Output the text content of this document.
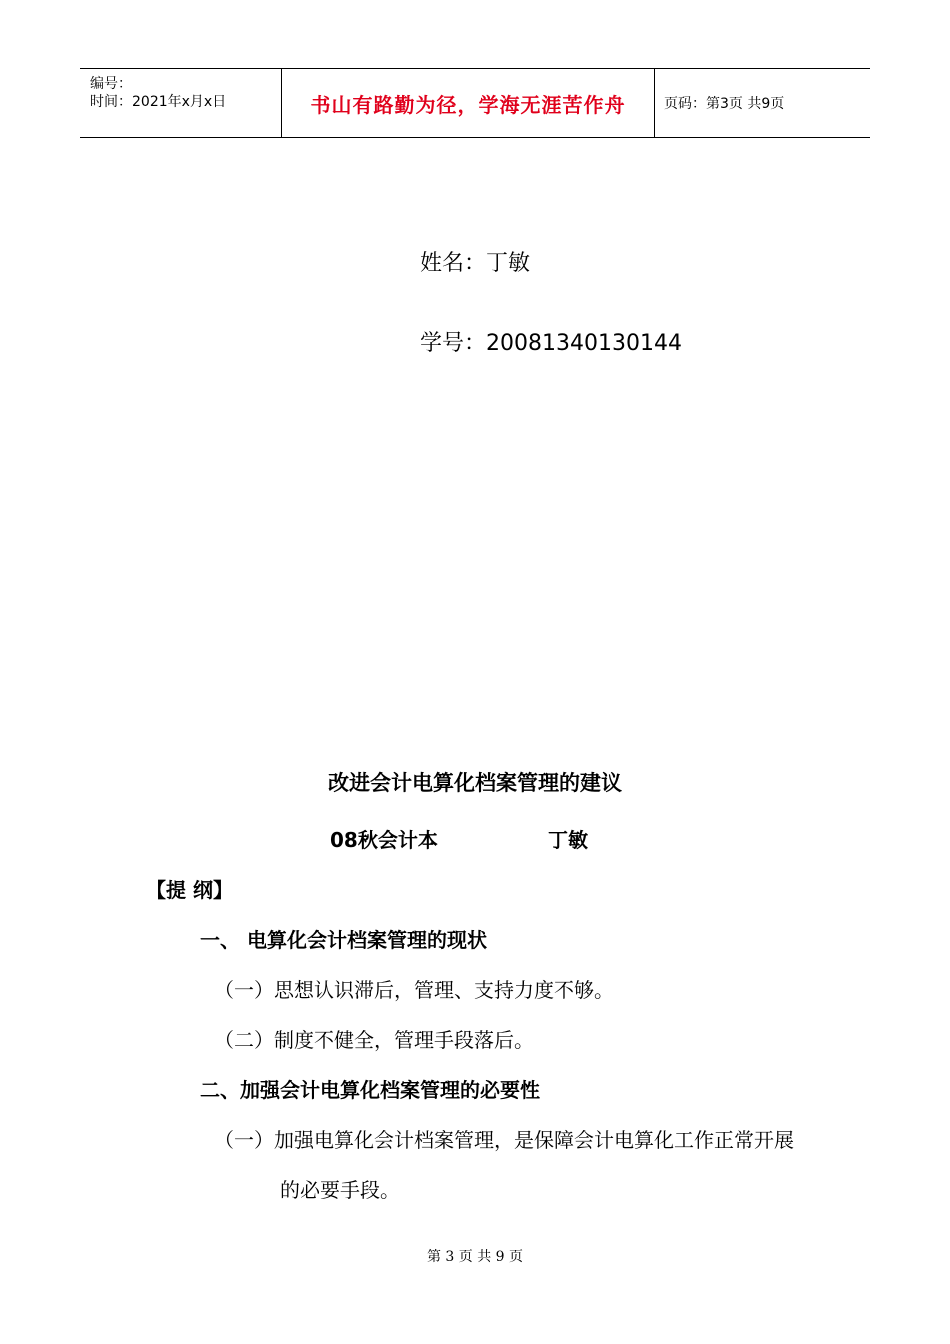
编号：
时间：2021年x月x日	书山有路勤为径，学海无涯苦作舟	页码：第3页 共9页
姓名：丁敏
学号：20081340130144
改进会计电算化档案管理的建议
08秋会计本	丁敏
【提 纲】
一、 电算化会计档案管理的现状
（一）思想认识滞后，管理、支持力度不够。
（二）制度不健全，管理手段落后。
二、加强会计电算化档案管理的必要性
（一）加强电算化会计档案管理，是保障会计电算化工作正常开展
的必要手段。
第 3 页 共 9 页
